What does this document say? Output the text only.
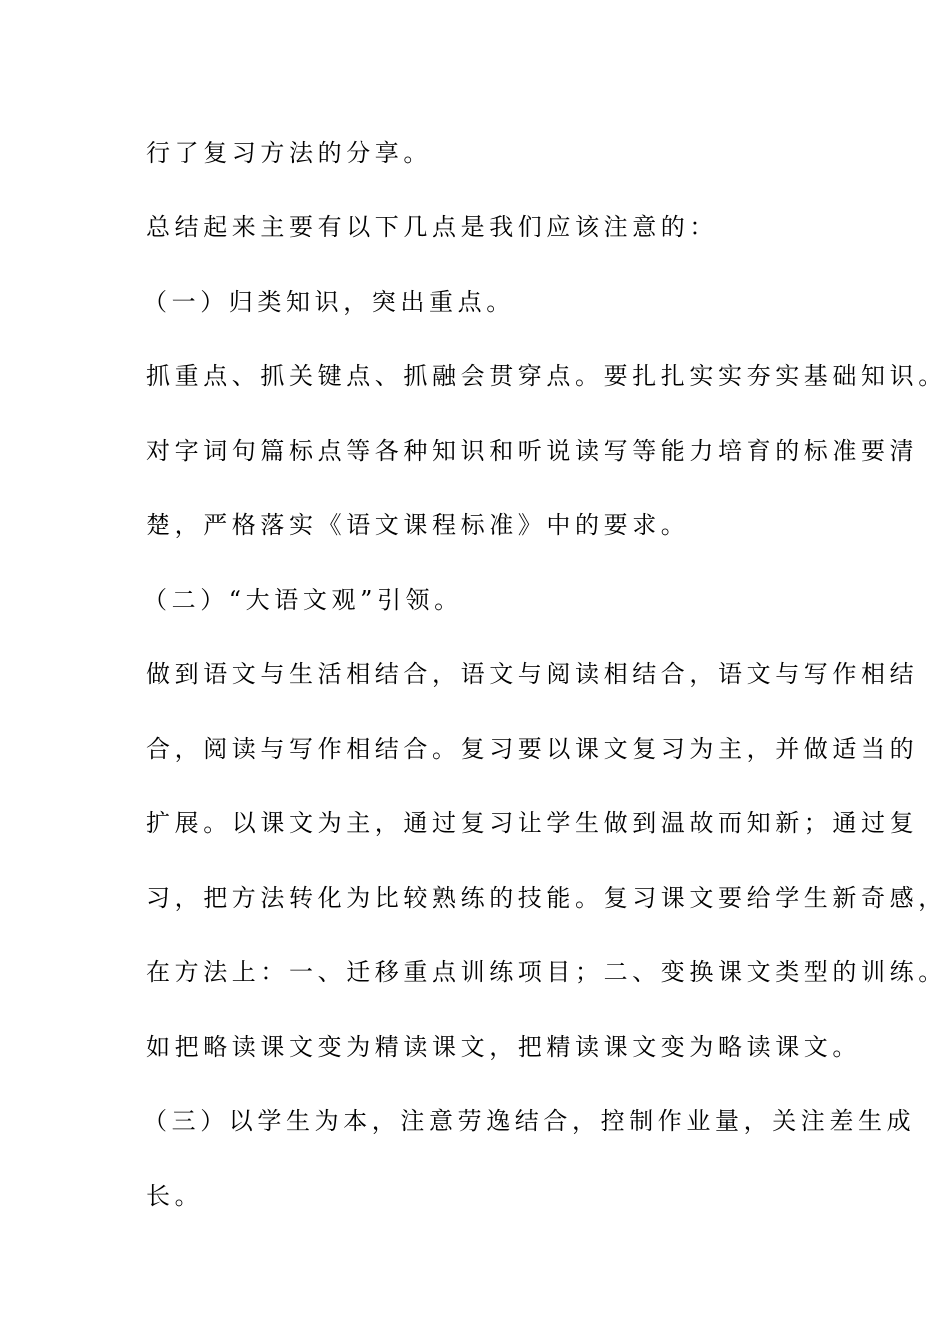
行了复习方法的分享。
总结起来主要有以下几点是我们应该注意的：
（一）归类知识，突出重点。
抓重点、抓关键点、抓融会贯穿点。要扎扎实实夯实基础知识。
对字词句篇标点等各种知识和听说读写等能力培育的标准要清
楚，严格落实《语文课程标准》中的要求。
（二）“大语文观”引领。
做到语文与生活相结合，语文与阅读相结合，语文与写作相结
合，阅读与写作相结合。复习要以课文复习为主，并做适当的
扩展。以课文为主，通过复习让学生做到温故而知新；通过复
习，把方法转化为比较熟练的技能。复习课文要给学生新奇感，
在方法上：一、迁移重点训练项目；二、变换课文类型的训练。
如把略读课文变为精读课文，把精读课文变为略读课文。
（三）以学生为本，注意劳逸结合，控制作业量，关注差生成
长。
